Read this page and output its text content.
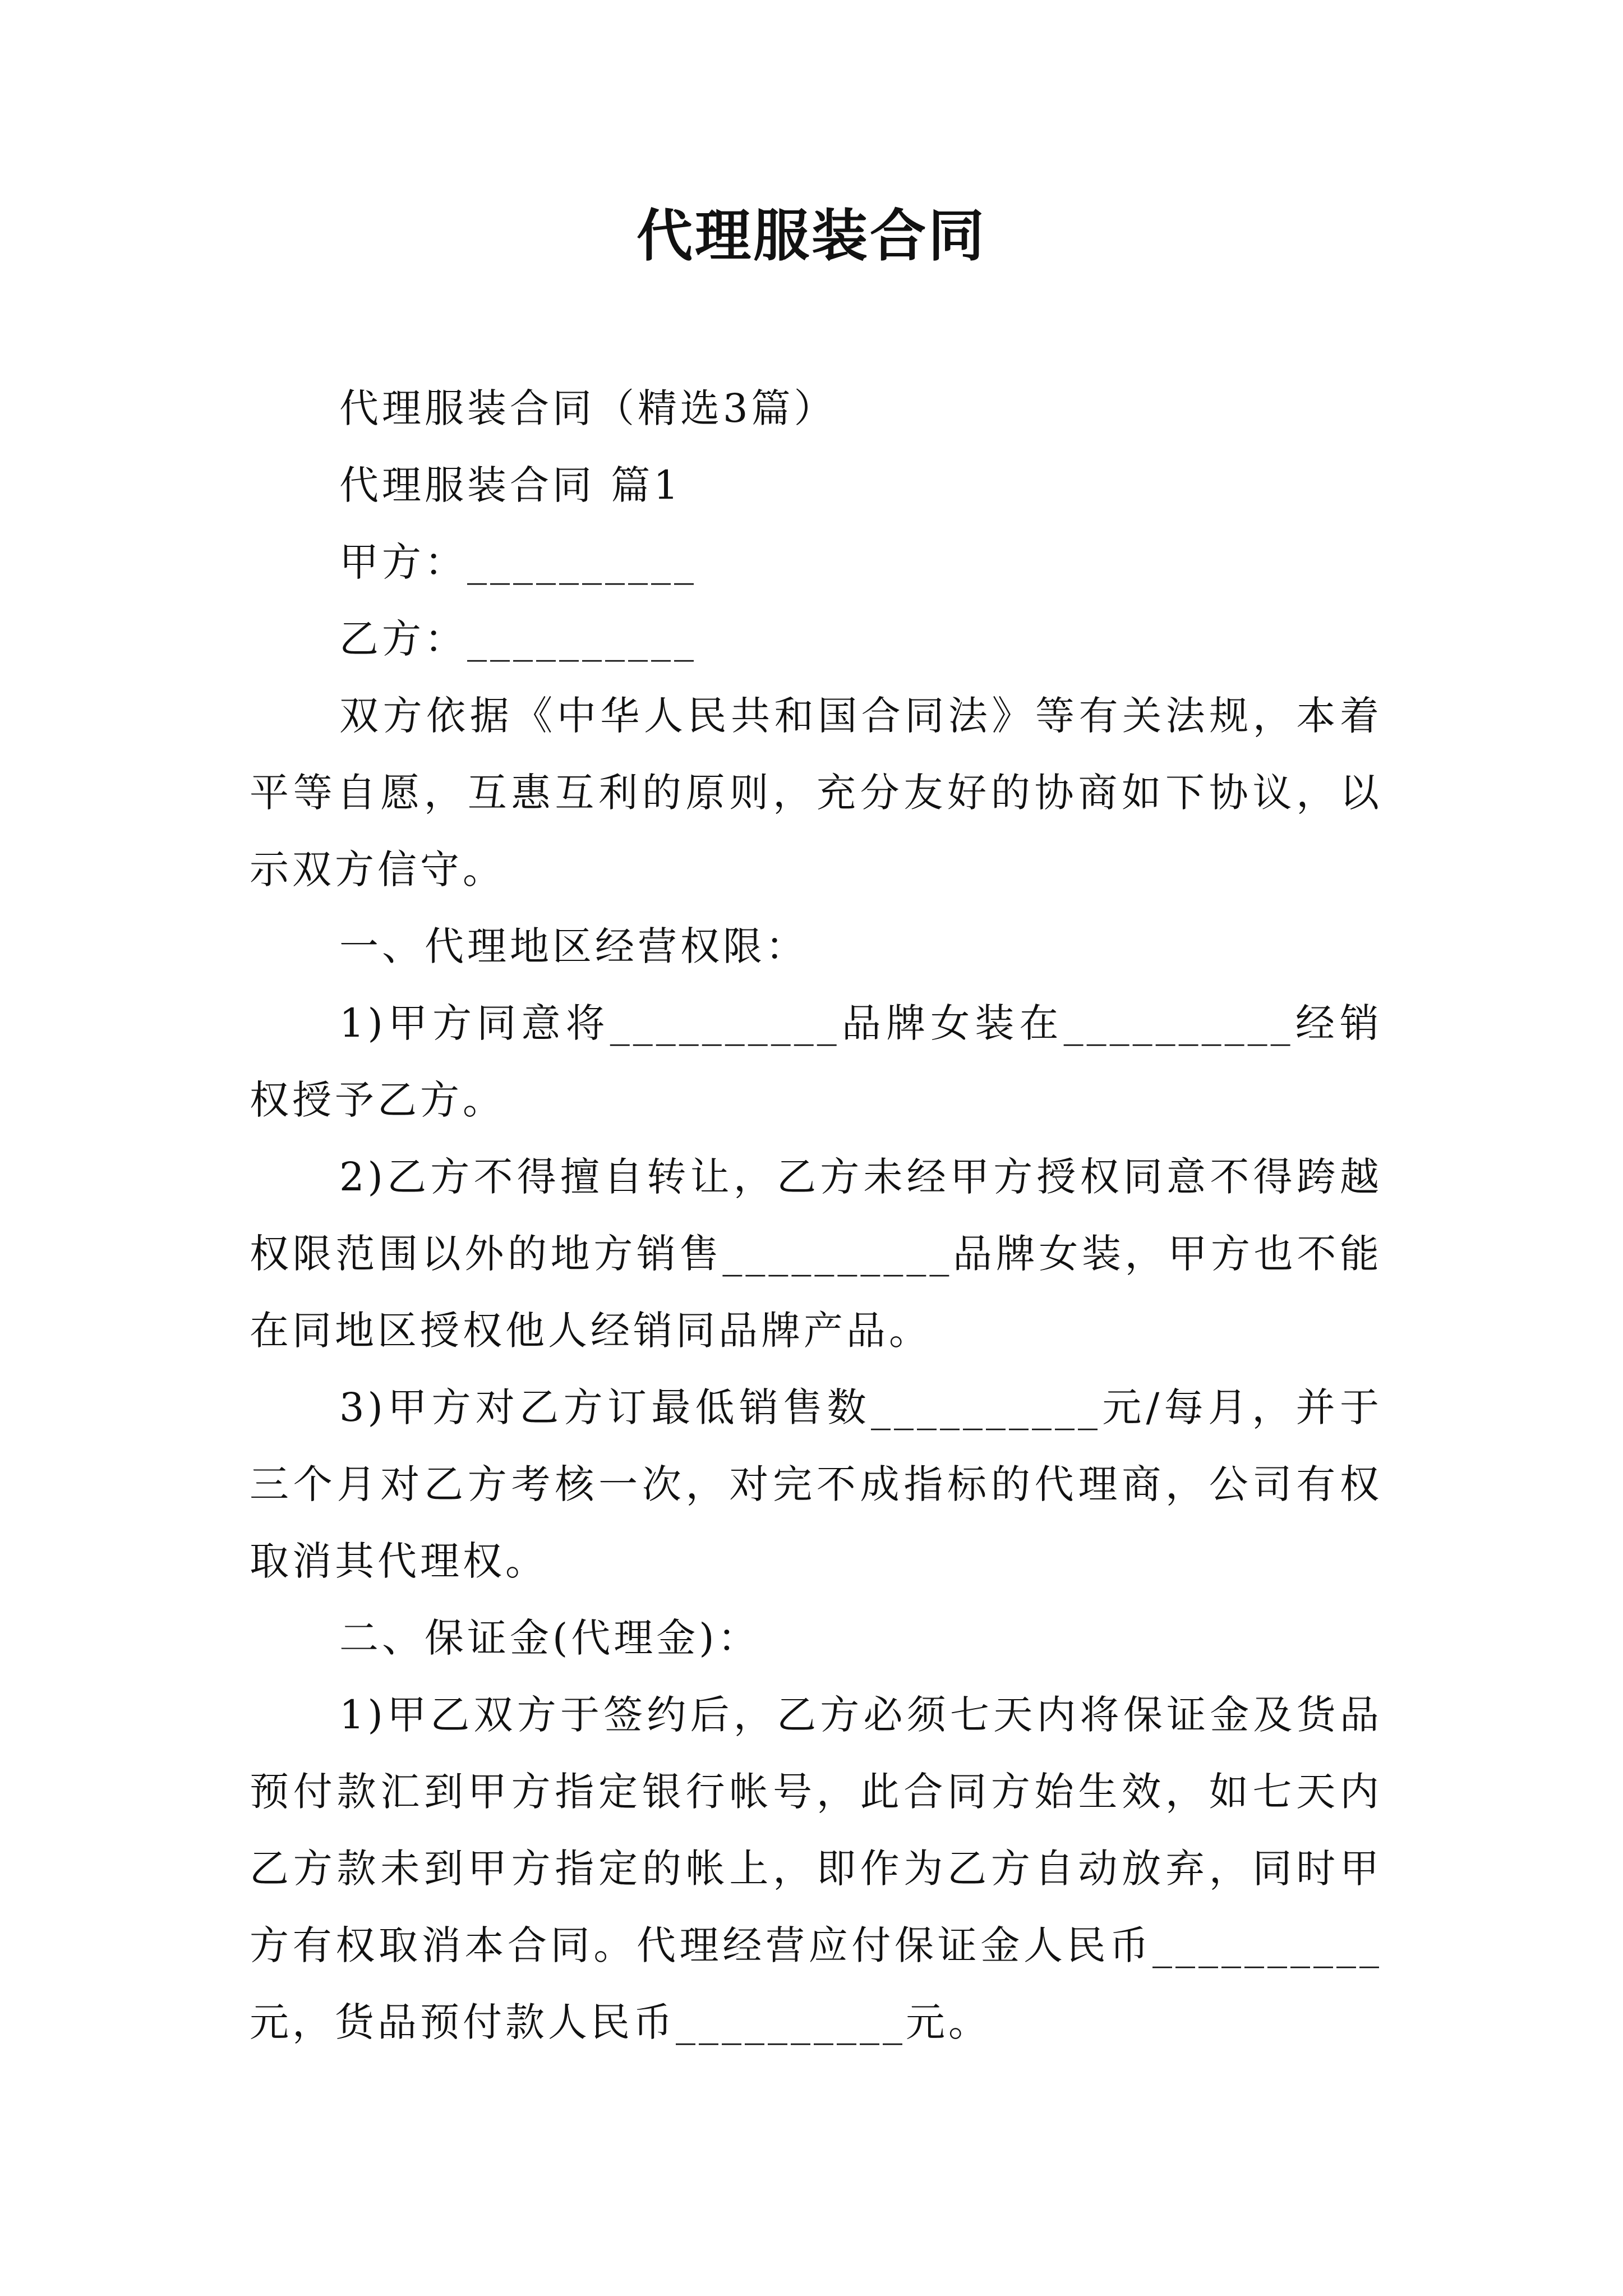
代理服装合同

代理服装合同（精选3篇）

代理服装合同 篇1

甲方：__________

乙方：__________

双方依据《中华人民共和国合同法》等有关法规，本着平等自愿，互惠互利的原则，充分友好的协商如下协议，以示双方信守。

一、代理地区经营权限：

1)甲方同意将__________品牌女装在__________经销权授予乙方。

2)乙方不得擅自转让，乙方未经甲方授权同意不得跨越权限范围以外的地方销售__________品牌女装，甲方也不能在同地区授权他人经销同品牌产品。

3)甲方对乙方订最低销售数__________元/每月，并于三个月对乙方考核一次，对完不成指标的代理商，公司有权取消其代理权。

二、保证金(代理金)：

1)甲乙双方于签约后，乙方必须七天内将保证金及货品预付款汇到甲方指定银行帐号，此合同方始生效，如七天内乙方款未到甲方指定的帐上，即作为乙方自动放弃，同时甲方有权取消本合同。代理经营应付保证金人民币__________元，货品预付款人民币__________元。
